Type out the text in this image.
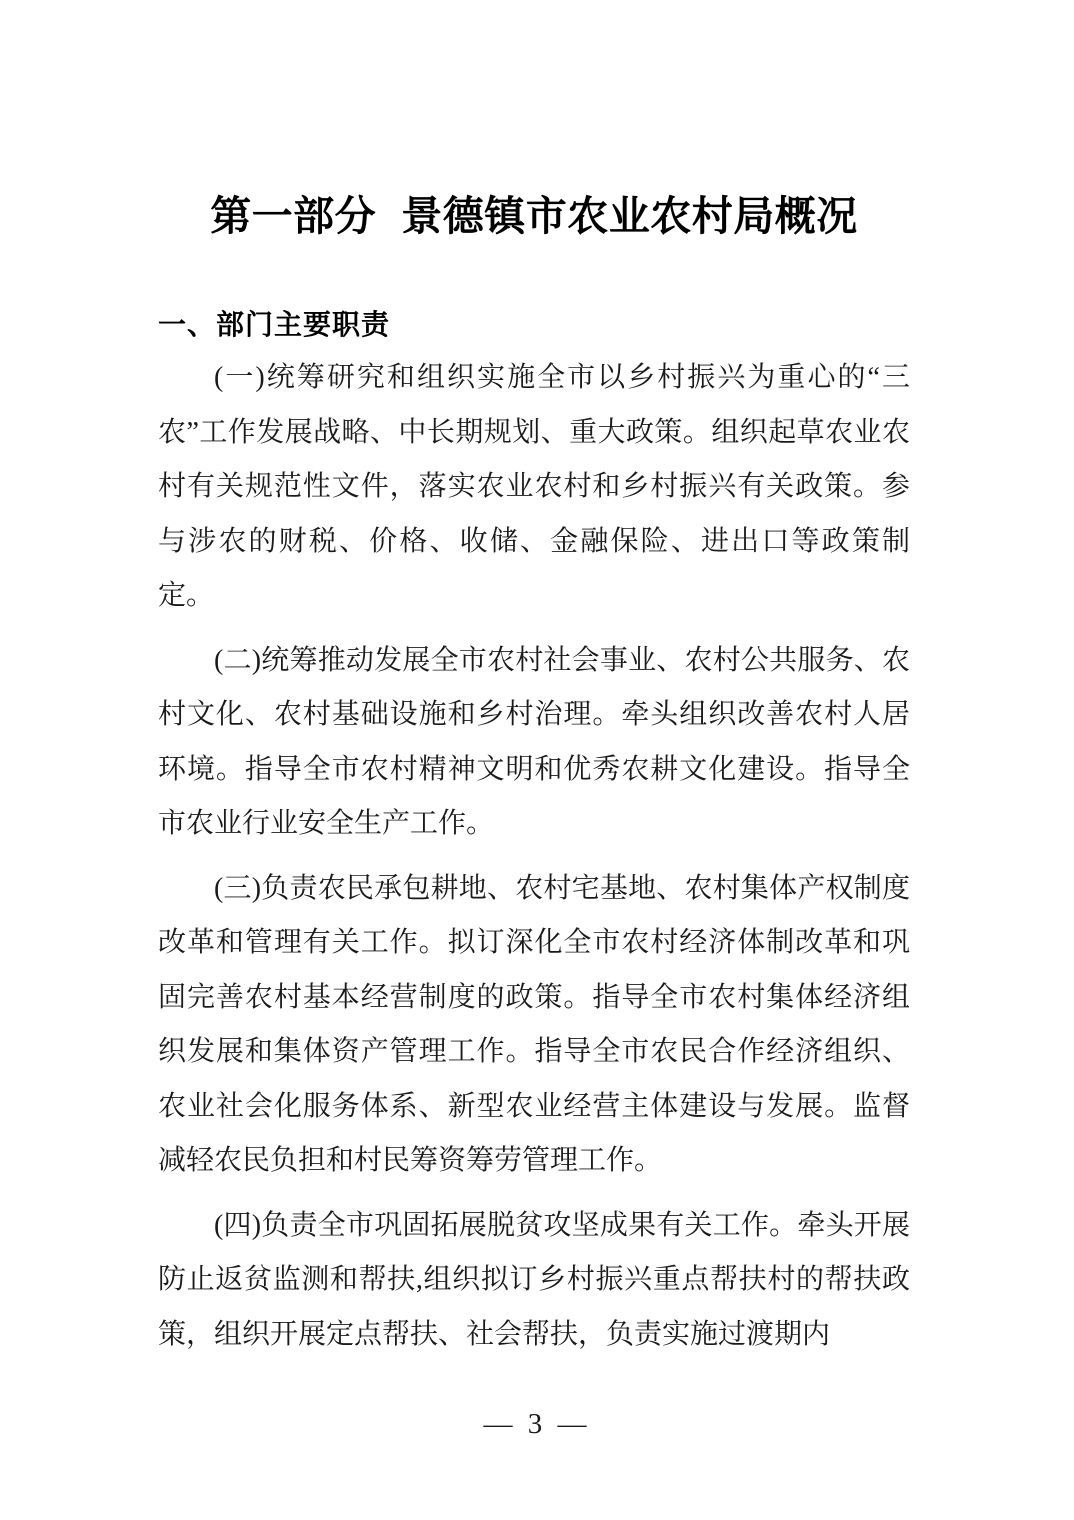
第一部分 景德镇市农业农村局概况
一、部门主要职责

(一)统筹研究和组织实施全市以乡村振兴为重心的“三农”工作发展战略、中长期规划、重大政策。组织起草农业农村有关规范性文件，落实农业农村和乡村振兴有关政策。参与涉农的财税、价格、收储、金融保险、进出口等政策制定。

(二)统筹推动发展全市农村社会事业、农村公共服务、农村文化、农村基础设施和乡村治理。牵头组织改善农村人居环境。指导全市农村精神文明和优秀农耕文化建设。指导全市农业行业安全生产工作。

(三)负责农民承包耕地、农村宅基地、农村集体产权制度改革和管理有关工作。拟订深化全市农村经济体制改革和巩固完善农村基本经营制度的政策。指导全市农村集体经济组织发展和集体资产管理工作。指导全市农民合作经济组织、农业社会化服务体系、新型农业经营主体建设与发展。监督减轻农民负担和村民筹资筹劳管理工作。

(四)负责全市巩固拓展脱贫攻坚成果有关工作。牵头开展防止返贫监测和帮扶,组织拟订乡村振兴重点帮扶村的帮扶政策，组织开展定点帮扶、社会帮扶，负责实施过渡期内

— 3 —
